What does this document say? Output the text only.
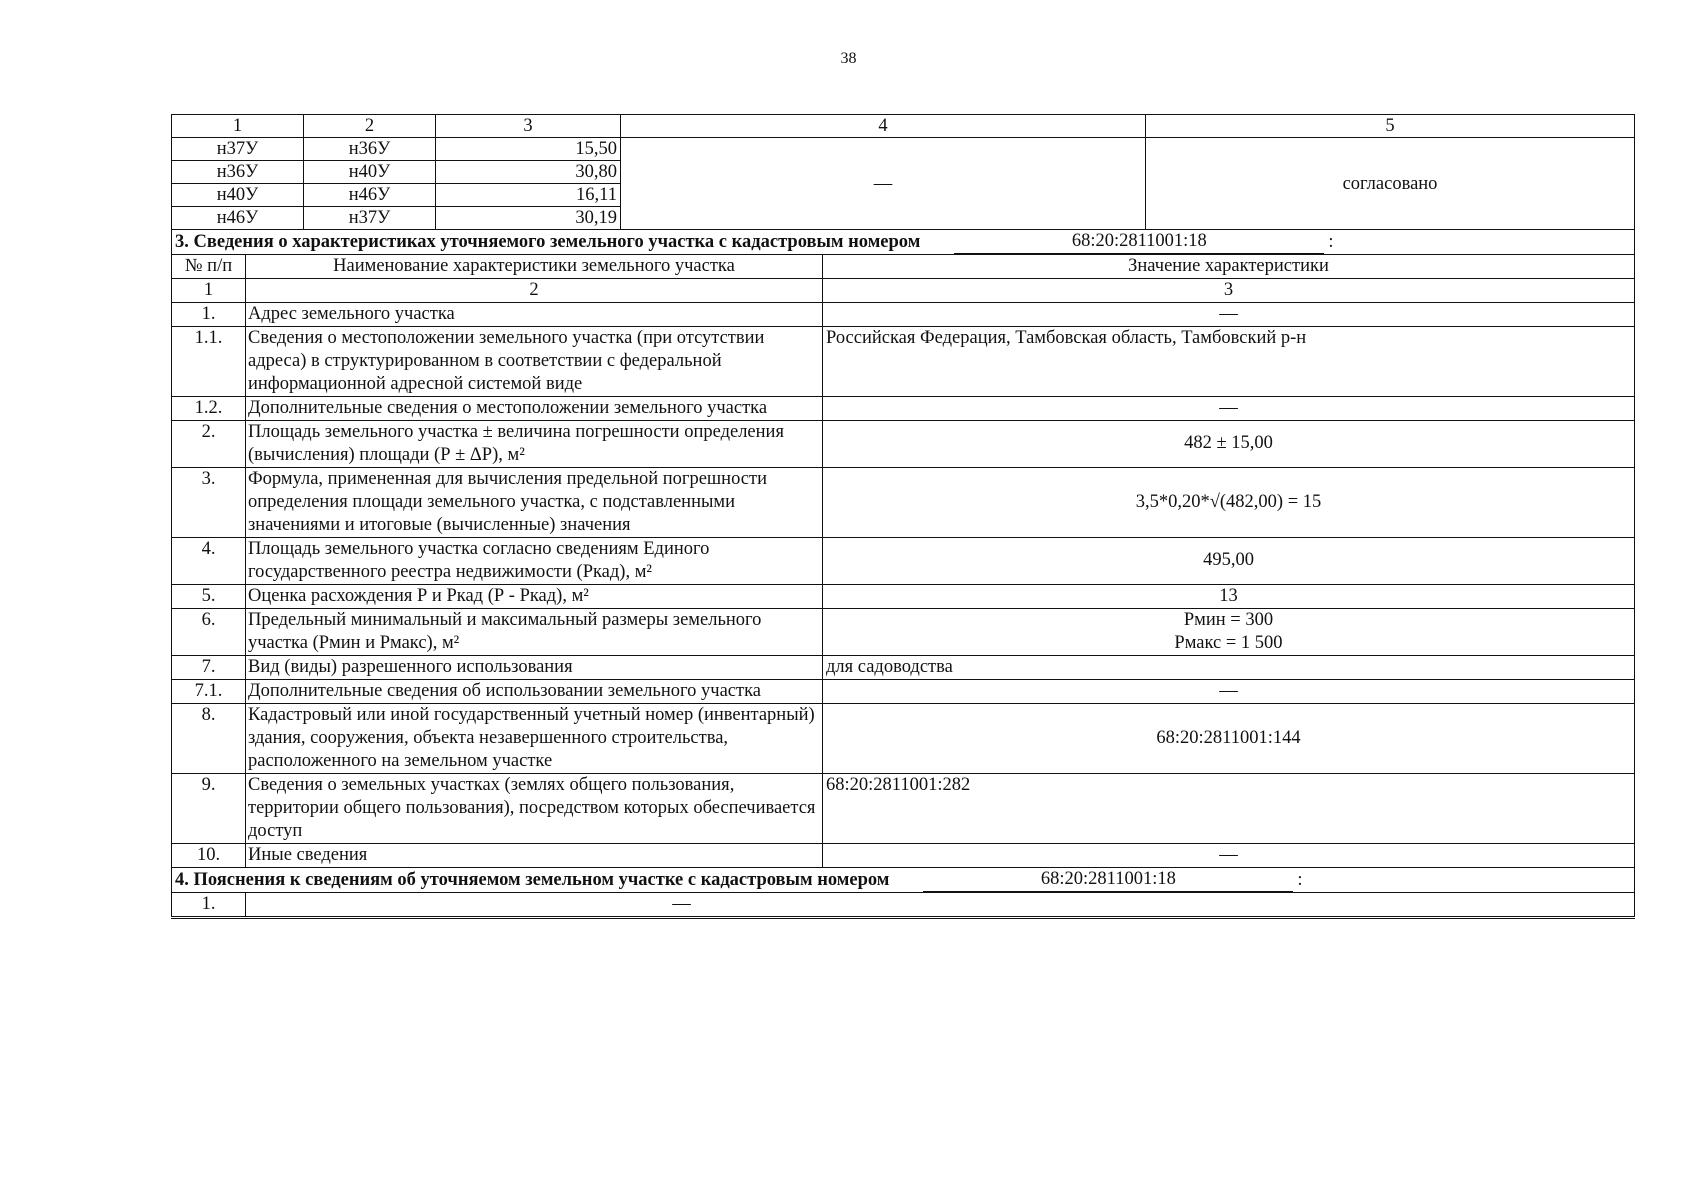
38
1	2	3	4	5
н37У	н36У	15,50	—	согласовано
н36У	н40У	30,80		
н40У	н46У	16,11		
н46У	н37У	30,19		
3. Сведения о характеристиках уточняемого земельного участка с кадастровым номером 68:20:2811001:18 :		

№ п/п	Наименование характеристики земельного участка	Значение характеристики
1	2	3
1.	Адрес земельного участка	—
1.1.	Сведения о местоположении земельного участка (при отсутствии адреса) в структурированном в соответствии с федеральной информационной адресной системой виде	Российская Федерация, Тамбовская область, Тамбовский р-н
1.2.	Дополнительные сведения о местоположении земельного участка	—
2.	Площадь земельного участка ± величина погрешности определения (вычисления) площади (Р ± ΔР), м²	482 ± 15,00
3.	Формула, примененная для вычисления предельной погрешности определения площади земельного участка, с подставленными значениями и итоговые (вычисленные) значения	3,5*0,20*√(482,00) = 15
4.	Площадь земельного участка согласно сведениям Единого государственного реестра недвижимости (Ркад), м²	495,00
5.	Оценка расхождения Р и Ркад (Р - Ркад), м²	13
6.	Предельный минимальный и максимальный размеры земельного участка (Рмин и Рмакс), м²	Рмин = 300
Рмакс = 1 500

7.	Вид (виды) разрешенного использования	для садоводства
7.1.	Дополнительные сведения об использовании земельного участка	—
8.	Кадастровый или иной государственный учетный номер (инвентарный) здания, сооружения, объекта незавершенного строительства, расположенного на земельном участке	68:20:2811001:144
9.	Сведения о земельных участках (землях общего пользования, территории общего пользования), посредством которых обеспечивается доступ	68:20:2811001:282
10.	Иные сведения	—

4. Пояснения к сведениям об уточняемом земельном участке с кадастровым номером 68:20:2811001:18 :		

1.	—	
